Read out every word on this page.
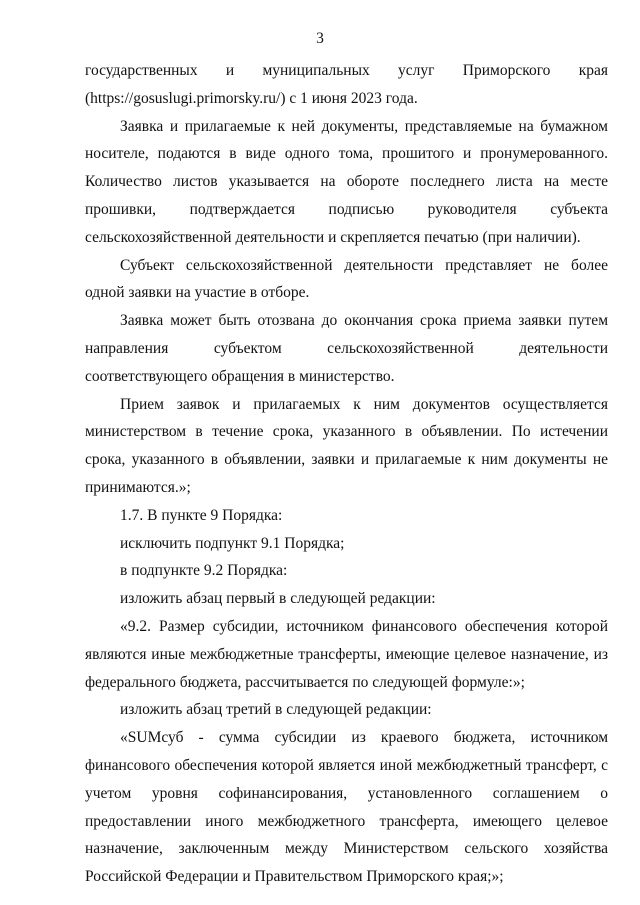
3

государственных и муниципальных услуг Приморского края (https://gosuslugi.primorsky.ru/) с 1 июня 2023 года.

Заявка и прилагаемые к ней документы, представляемые на бумажном носителе, подаются в виде одного тома, прошитого и пронумерованного. Количество листов указывается на обороте последнего листа на месте прошивки, подтверждается подписью руководителя субъекта сельскохозяйственной деятельности и скрепляется печатью (при наличии).

Субъект сельскохозяйственной деятельности представляет не более одной заявки на участие в отборе.

Заявка может быть отозвана до окончания срока приема заявки путем направления субъектом сельскохозяйственной деятельности соответствующего обращения в министерство.

Прием заявок и прилагаемых к ним документов осуществляется министерством в течение срока, указанного в объявлении. По истечении срока, указанного в объявлении, заявки и прилагаемые к ним документы не принимаются.»;

1.7. В пункте 9 Порядка:

исключить подпункт 9.1 Порядка;

в подпункте 9.2 Порядка:

изложить абзац первый в следующей редакции:

«9.2. Размер субсидии, источником финансового обеспечения которой являются иные межбюджетные трансферты, имеющие целевое назначение, из федерального бюджета, рассчитывается по следующей формуле:»;

изложить абзац третий в следующей редакции:

«SUMсуб - сумма субсидии из краевого бюджета, источником финансового обеспечения которой является иной межбюджетный трансферт, с учетом уровня софинансирования, установленного соглашением о предоставлении иного межбюджетного трансферта, имеющего целевое назначение, заключенным между Министерством сельского хозяйства Российской Федерации и Правительством Приморского края;»;
